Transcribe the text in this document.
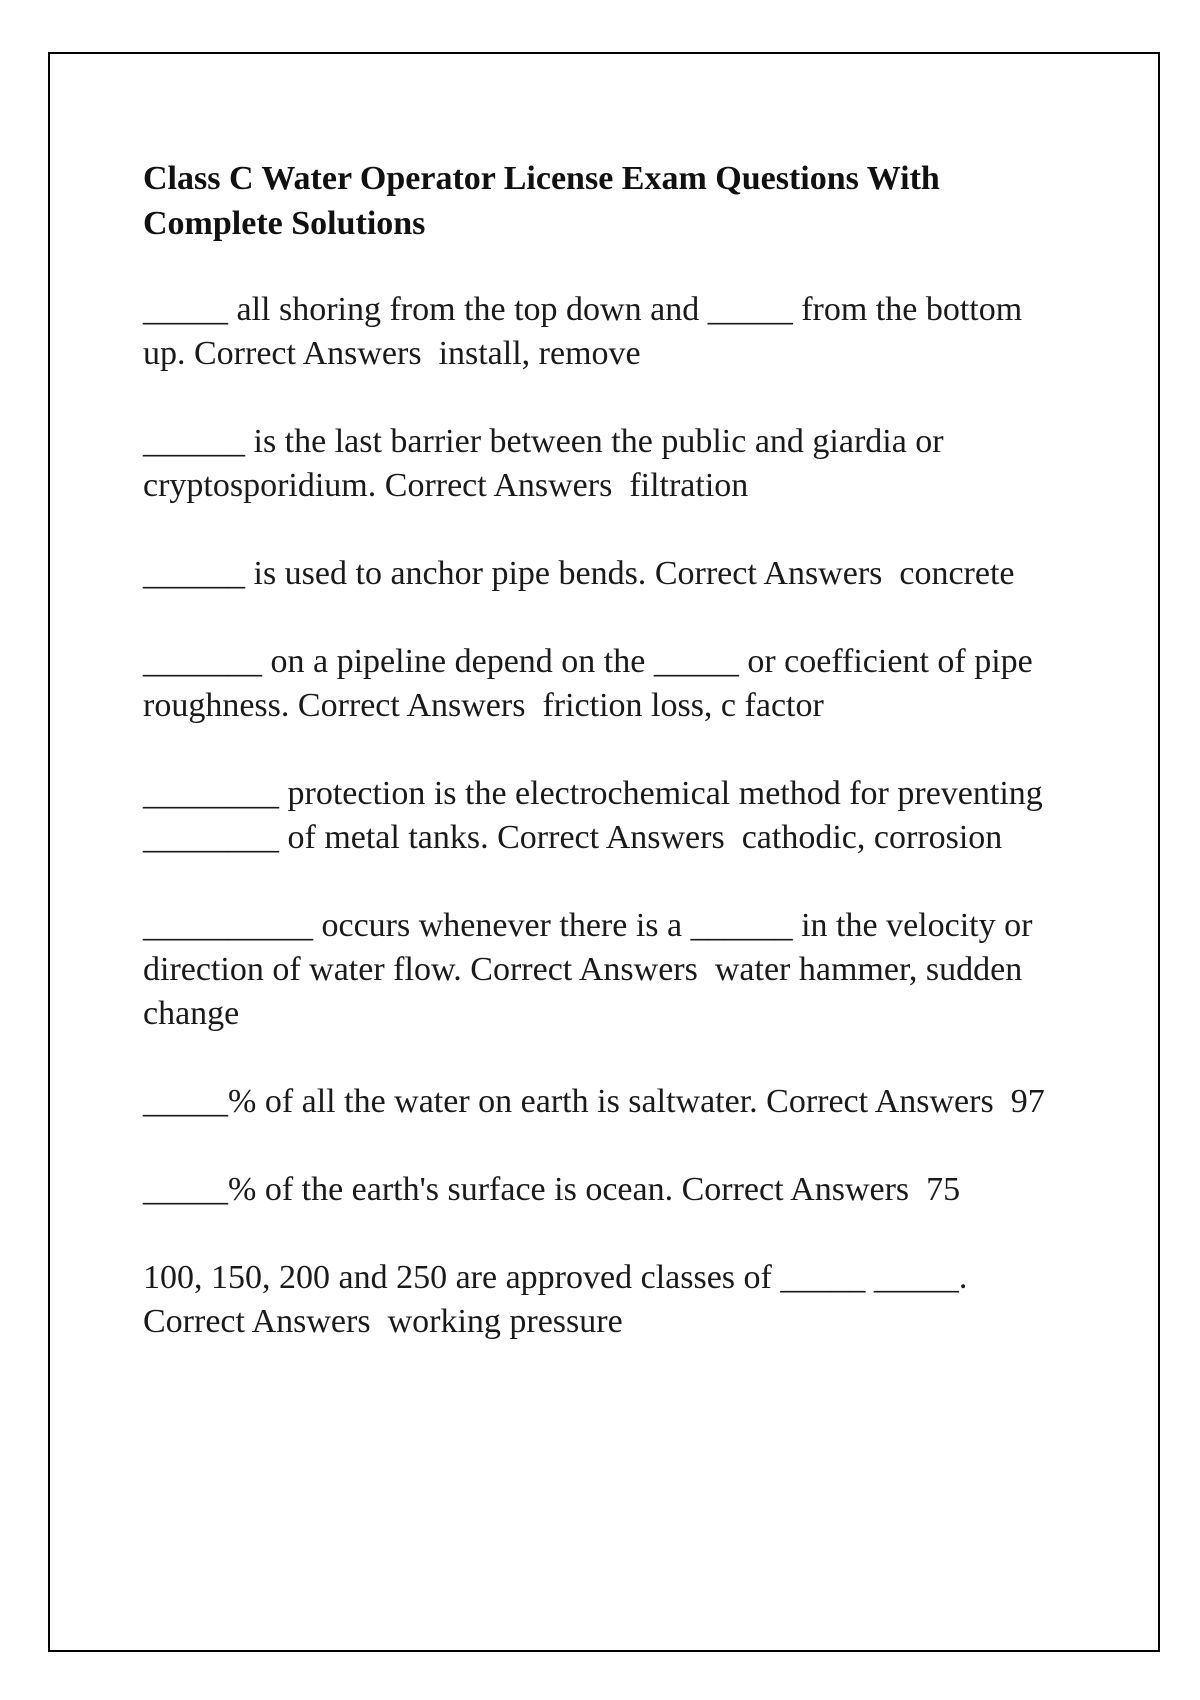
Class C Water Operator License Exam Questions With Complete Solutions
_____ all shoring from the top down and _____ from the bottom up. Correct Answers  install, remove
______ is the last barrier between the public and giardia or cryptosporidium. Correct Answers  filtration
______ is used to anchor pipe bends. Correct Answers  concrete
_______ on a pipeline depend on the _____ or coefficient of pipe roughness. Correct Answers  friction loss, c factor
________ protection is the electrochemical method for preventing ________ of metal tanks. Correct Answers  cathodic, corrosion
__________ occurs whenever there is a ______ in the velocity or direction of water flow. Correct Answers  water hammer, sudden change
_____% of all the water on earth is saltwater. Correct Answers  97
_____% of the earth's surface is ocean. Correct Answers  75
100, 150, 200 and 250 are approved classes of _____ _____. Correct Answers  working pressure
